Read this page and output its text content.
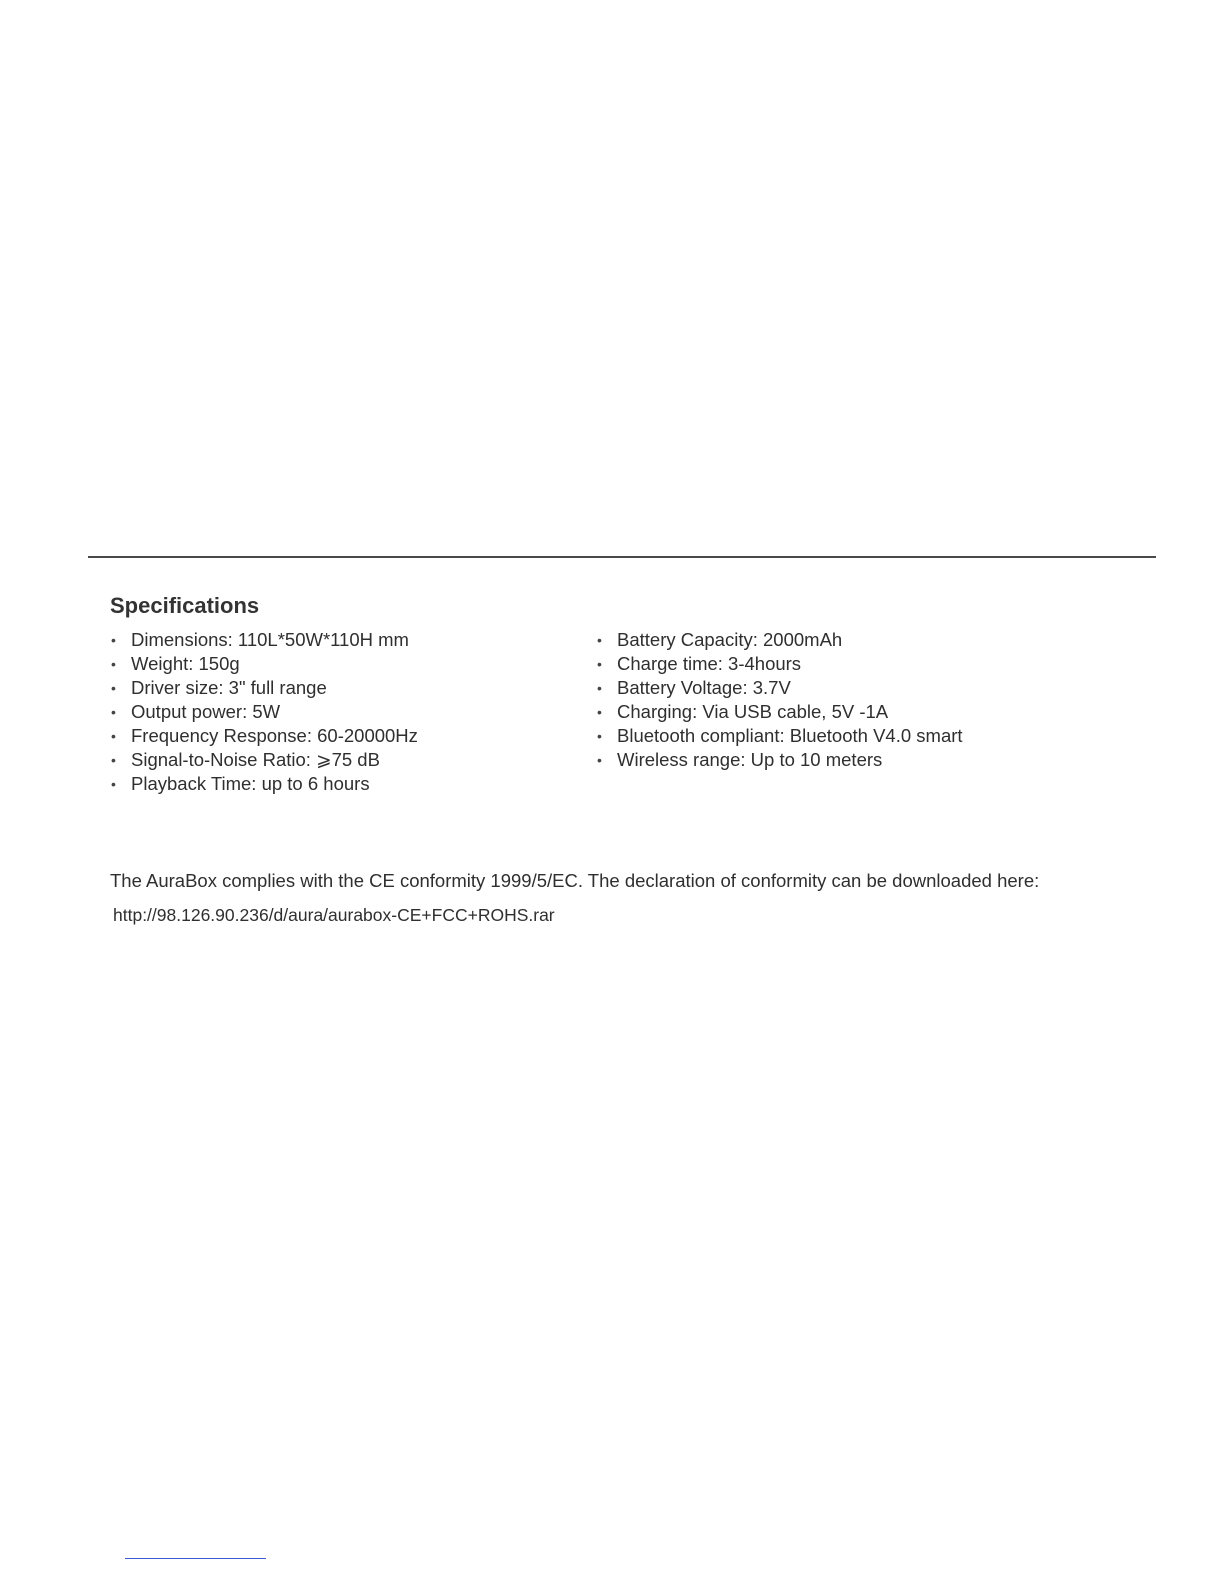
Specifications
• Dimensions: 110L*50W*110H mm
• Weight: 150g
• Driver size: 3" full range
• Output power: 5W
• Frequency Response: 60-20000Hz
• Signal-to-Noise Ratio: ⩾75 dB
• Playback Time: up to 6 hours
• Battery Capacity: 2000mAh
• Charge time: 3-4hours
• Battery Voltage: 3.7V
• Charging: Via USB cable, 5V -1A
• Bluetooth compliant: Bluetooth V4.0 smart
• Wireless range: Up to 10 meters

The AuraBox complies with the CE conformity 1999/5/EC. The declaration of conformity can be downloaded here:

http://98.126.90.236/d/aura/aurabox-CE+FCC+ROHS.rar
